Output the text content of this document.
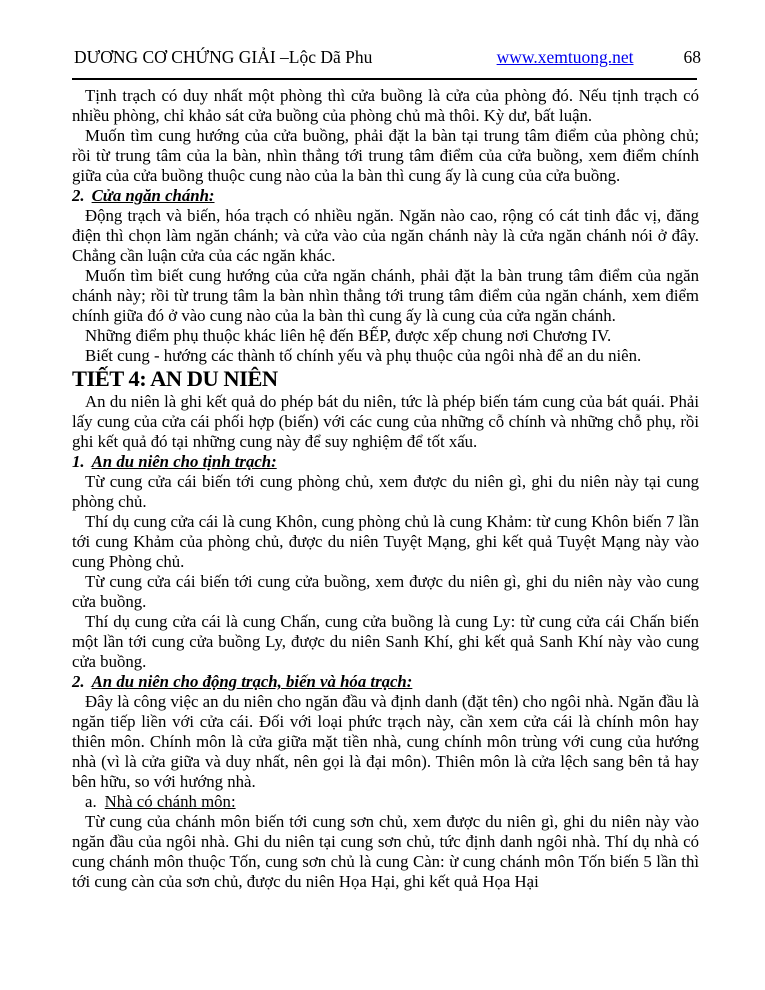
DƯƠNG CƠ CHỨNG GIẢI –Lộc Dã Phu	www.xemtuong.net	68

Tịnh trạch có duy nhất một phòng thì cửa buồng là cửa của phòng đó. Nếu tịnh trạch có nhiều phòng, chỉ khảo sát cửa buồng của phòng chủ mà thôi. Kỳ dư, bất luận.

Muốn tìm cung hướng của cửa buồng, phải đặt la bàn tại trung tâm điểm của phòng chủ; rồi từ trung tâm của la bàn, nhìn thẳng tới trung tâm điểm của cửa buồng, xem điểm chính giữa của cửa buồng thuộc cung nào của la bàn thì cung ấy là cung của cửa buồng.

2. Cửa ngăn chánh:

Động trạch và biến, hóa trạch có nhiều ngăn. Ngăn nào cao, rộng có cát tinh đắc vị, đăng điện thì chọn làm ngăn chánh; và cửa vào của ngăn chánh này là cửa ngăn chánh nói ở đây. Chẳng cần luận cửa của các ngăn khác.

Muốn tìm biết cung hướng của cửa ngăn chánh, phải đặt la bàn trung tâm điểm của ngăn chánh này; rồi từ trung tâm la bàn nhìn thẳng tới trung tâm điểm của ngăn chánh, xem điểm chính giữa đó ở vào cung nào của la bàn thì cung ấy là cung của cửa ngăn chánh.

Những điểm phụ thuộc khác liên hệ đến BẾP, được xếp chung nơi Chương IV.

Biết cung - hướng các thành tố chính yếu và phụ thuộc của ngôi nhà để an du niên.

TIẾT 4: AN DU NIÊN

An du niên là ghi kết quả do phép bát du niên, tức là phép biến tám cung của bát quái. Phải lấy cung của cửa cái phối hợp (biến) với các cung của những cỗ chính và những chỗ phụ, rồi ghi kết quả đó tại những cung này để suy nghiệm để tốt xấu.

1. An du niên cho tịnh trạch:

Từ cung cửa cái biến tới cung phòng chủ, xem được du niên gì, ghi du niên này tại cung phòng chủ.

Thí dụ cung cửa cái là cung Khôn, cung phòng chủ là cung Khảm: từ cung Khôn biến 7 lần tới cung Khảm của phòng chủ, được du niên Tuyệt Mạng, ghi kết quả Tuyệt Mạng này vào cung Phòng chủ.

Từ cung cửa cái biến tới cung cửa buồng, xem được du niên gì, ghi du niên này vào cung cửa buồng.

Thí dụ cung cửa cái là cung Chấn, cung cửa buồng là cung Ly: từ cung cửa cái Chấn biến một lần tới cung cửa buồng Ly, được du niên Sanh Khí, ghi kết quả Sanh Khí này vào cung cửa buồng.

2. An du niên cho động trạch, biến và hóa trạch:

Đây là công việc an du niên cho ngăn đầu và định danh (đặt tên) cho ngôi nhà. Ngăn đầu là ngăn tiếp liền với cửa cái. Đối với loại phức trạch này, cần xem cửa cái là chính môn hay thiên môn. Chính môn là cửa giữa mặt tiền nhà, cung chính môn trùng với cung của hướng nhà (vì là cửa giữa và duy nhất, nên gọi là đại môn). Thiên môn là cửa lệch sang bên tả hay bên hữu, so với hướng nhà.

a. Nhà có chánh môn:

Từ cung của chánh môn biến tới cung sơn chủ, xem được du niên gì, ghi du niên này vào ngăn đầu của ngôi nhà. Ghi du niên tại cung sơn chủ, tức định danh ngôi nhà. Thí dụ nhà có cung chánh môn thuộc Tốn, cung sơn chủ là cung Càn: ừ cung chánh môn Tốn biến 5 lần thì tới cung càn của sơn chủ, được du niên Họa Hại, ghi kết quả Họa Hại
